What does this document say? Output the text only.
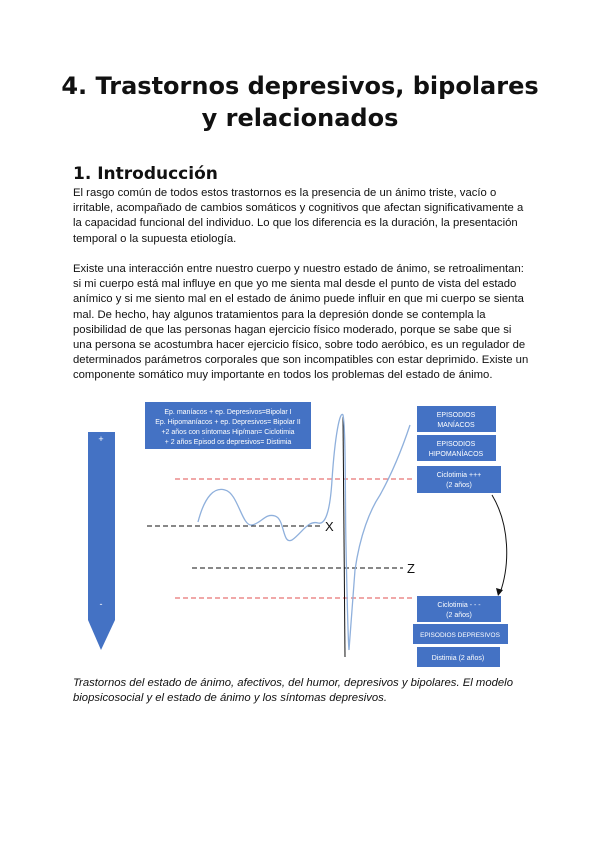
4. Trastornos depresivos, bipolares
y relacionados
1. Introducción

El rasgo común de todos estos trastornos es la presencia de un ánimo triste, vacío o irritable, acompañado de cambios somáticos y cognitivos que afectan significativamente a la capacidad funcional del individuo. Lo que los diferencia es la duración, la presentación temporal o la supuesta etiología.

Existe una interacción entre nuestro cuerpo y nuestro estado de ánimo, se retroalimentan: si mi cuerpo está mal influye en que yo me sienta mal desde el punto de vista del estado anímico y si me siento mal en el estado de ánimo puede influir en que mi cuerpo se sienta mal. De hecho, hay algunos tratamientos para la depresión donde se contempla la posibilidad de que las personas hagan ejercicio físico moderado, porque se sabe que si una persona se acostumbra hacer ejercicio físico, sobre todo aeróbico, es un regulador de determinados parámetros corporales que son incompatibles con estar deprimido. Existe un componente somático muy importante en todos los problemas del estado de ánimo.

+
-
Ep. maníacos + ep. Depresivos=Bipolar I
Ep. Hipomaníacos + ep. Depresivos= Bipolar II
+2 años con síntomas Hip/man= Ciclotimia
+ 2 años Episod os depresivos= Distimia
X
Z
EPISODIOS
MANÍACOS
EPISODIOS
HIPOMANÍACOS
Ciclotimia +++
(2 años)
Ciclotimia - - -
(2 años)
EPISODIOS DEPRESIVOS
Distimia (2 años)

Trastornos del estado de ánimo, afectivos, del humor, depresivos y bipolares. El modelo biopsicosocial y el estado de ánimo y los síntomas depresivos.
